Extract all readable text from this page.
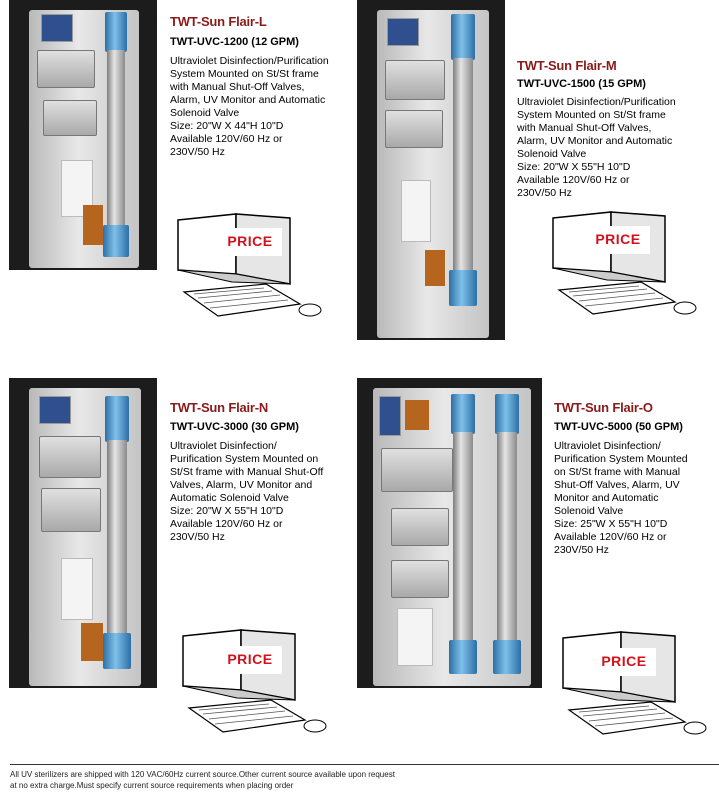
TWT-Sun Flair-L
TWT-UVC-1200 (12 GPM)
Ultraviolet Disinfection/Purification
System Mounted on St/St frame
with Manual Shut-Off Valves,
Alarm, UV Monitor and Automatic
Solenoid Valve
Size: 20"W X 44"H 10"D
Available 120V/60 Hz or
230V/50 Hz
PRICE
TWT-Sun Flair-M
TWT-UVC-1500 (15 GPM)
Ultraviolet Disinfection/Purification
System Mounted on St/St frame
with Manual Shut-Off Valves,
Alarm, UV Monitor and Automatic
Solenoid Valve
Size: 20"W X 55"H 10"D
Available 120V/60 Hz or
230V/50 Hz
PRICE
TWT-Sun Flair-N
TWT-UVC-3000 (30 GPM)
Ultraviolet Disinfection/
Purification System Mounted on
St/St frame with Manual Shut-Off
Valves, Alarm, UV Monitor and
Automatic Solenoid Valve
Size: 20"W X 55"H 10"D
Available 120V/60 Hz or
230V/50 Hz
PRICE
TWT-Sun Flair-O
TWT-UVC-5000 (50 GPM)
Ultraviolet Disinfection/
Purification System Mounted
on St/St frame with Manual
Shut-Off Valves, Alarm, UV
Monitor and Automatic
Solenoid Valve
Size: 25"W X 55"H 10"D
Available 120V/60 Hz or
230V/50 Hz
PRICE
All UV sterilizers are shipped with 120 VAC/60Hz current source.Other current source available upon request
at no extra charge.Must specify current source requirements when placing order
